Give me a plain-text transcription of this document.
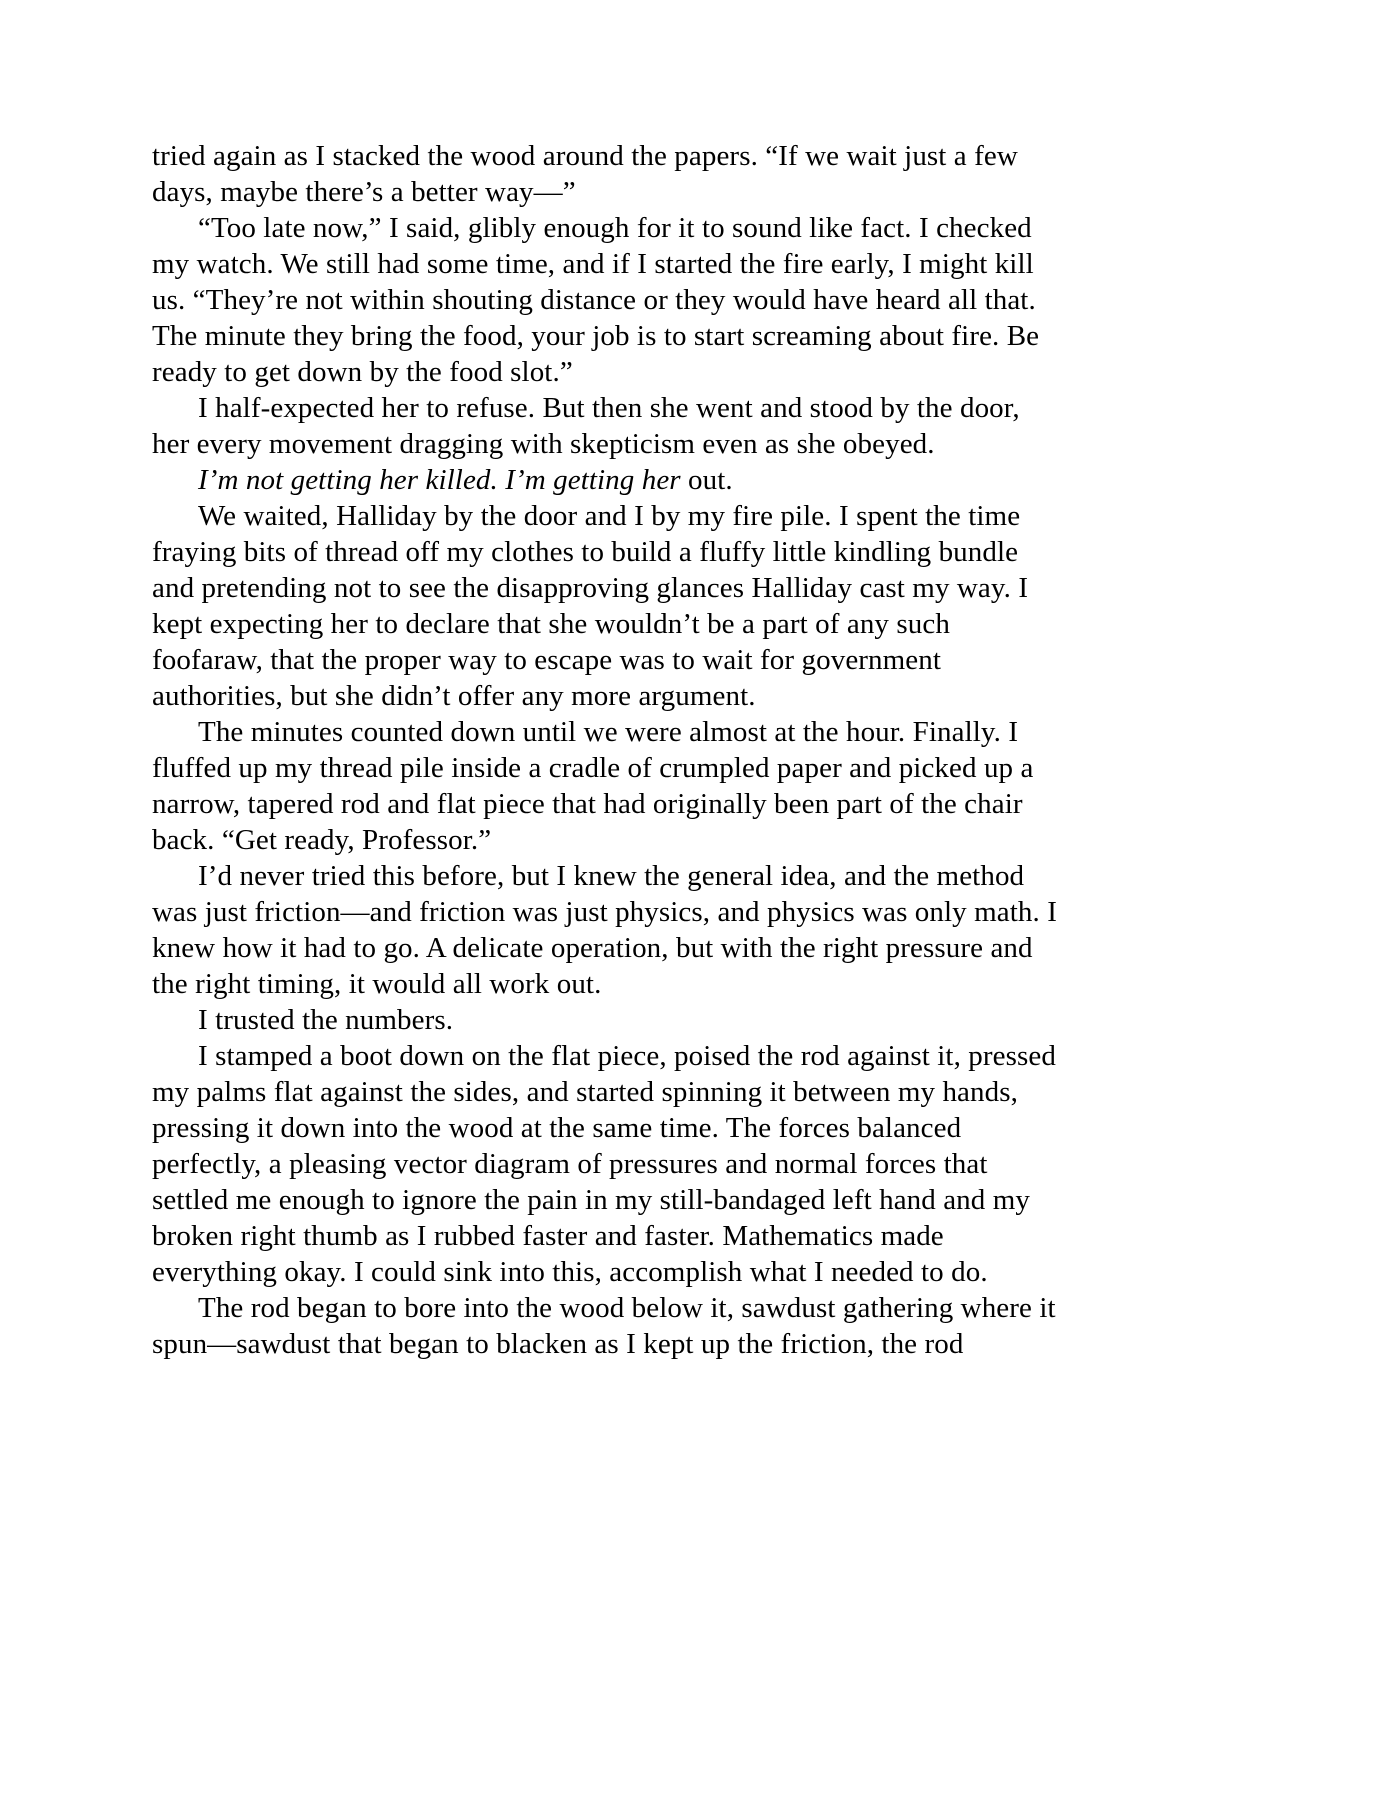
tried again as I stacked the wood around the papers. “If we wait just a few days, maybe there’s a better way—”

“Too late now,” I said, glibly enough for it to sound like fact. I checked my watch. We still had some time, and if I started the fire early, I might kill us. “They’re not within shouting distance or they would have heard all that. The minute they bring the food, your job is to start screaming about fire. Be ready to get down by the food slot.”

I half-expected her to refuse. But then she went and stood by the door, her every movement dragging with skepticism even as she obeyed.

I’m not getting her killed. I’m getting her out.

We waited, Halliday by the door and I by my fire pile. I spent the time fraying bits of thread off my clothes to build a fluffy little kindling bundle and pretending not to see the disapproving glances Halliday cast my way. I kept expecting her to declare that she wouldn’t be a part of any such foofaraw, that the proper way to escape was to wait for government authorities, but she didn’t offer any more argument.

The minutes counted down until we were almost at the hour. Finally. I fluffed up my thread pile inside a cradle of crumpled paper and picked up a narrow, tapered rod and flat piece that had originally been part of the chair back. “Get ready, Professor.”

I’d never tried this before, but I knew the general idea, and the method was just friction—and friction was just physics, and physics was only math. I knew how it had to go. A delicate operation, but with the right pressure and the right timing, it would all work out.

I trusted the numbers.

I stamped a boot down on the flat piece, poised the rod against it, pressed my palms flat against the sides, and started spinning it between my hands, pressing it down into the wood at the same time. The forces balanced perfectly, a pleasing vector diagram of pressures and normal forces that settled me enough to ignore the pain in my still-bandaged left hand and my broken right thumb as I rubbed faster and faster. Mathematics made everything okay. I could sink into this, accomplish what I needed to do.

The rod began to bore into the wood below it, sawdust gathering where it spun—sawdust that began to blacken as I kept up the friction, the rod
